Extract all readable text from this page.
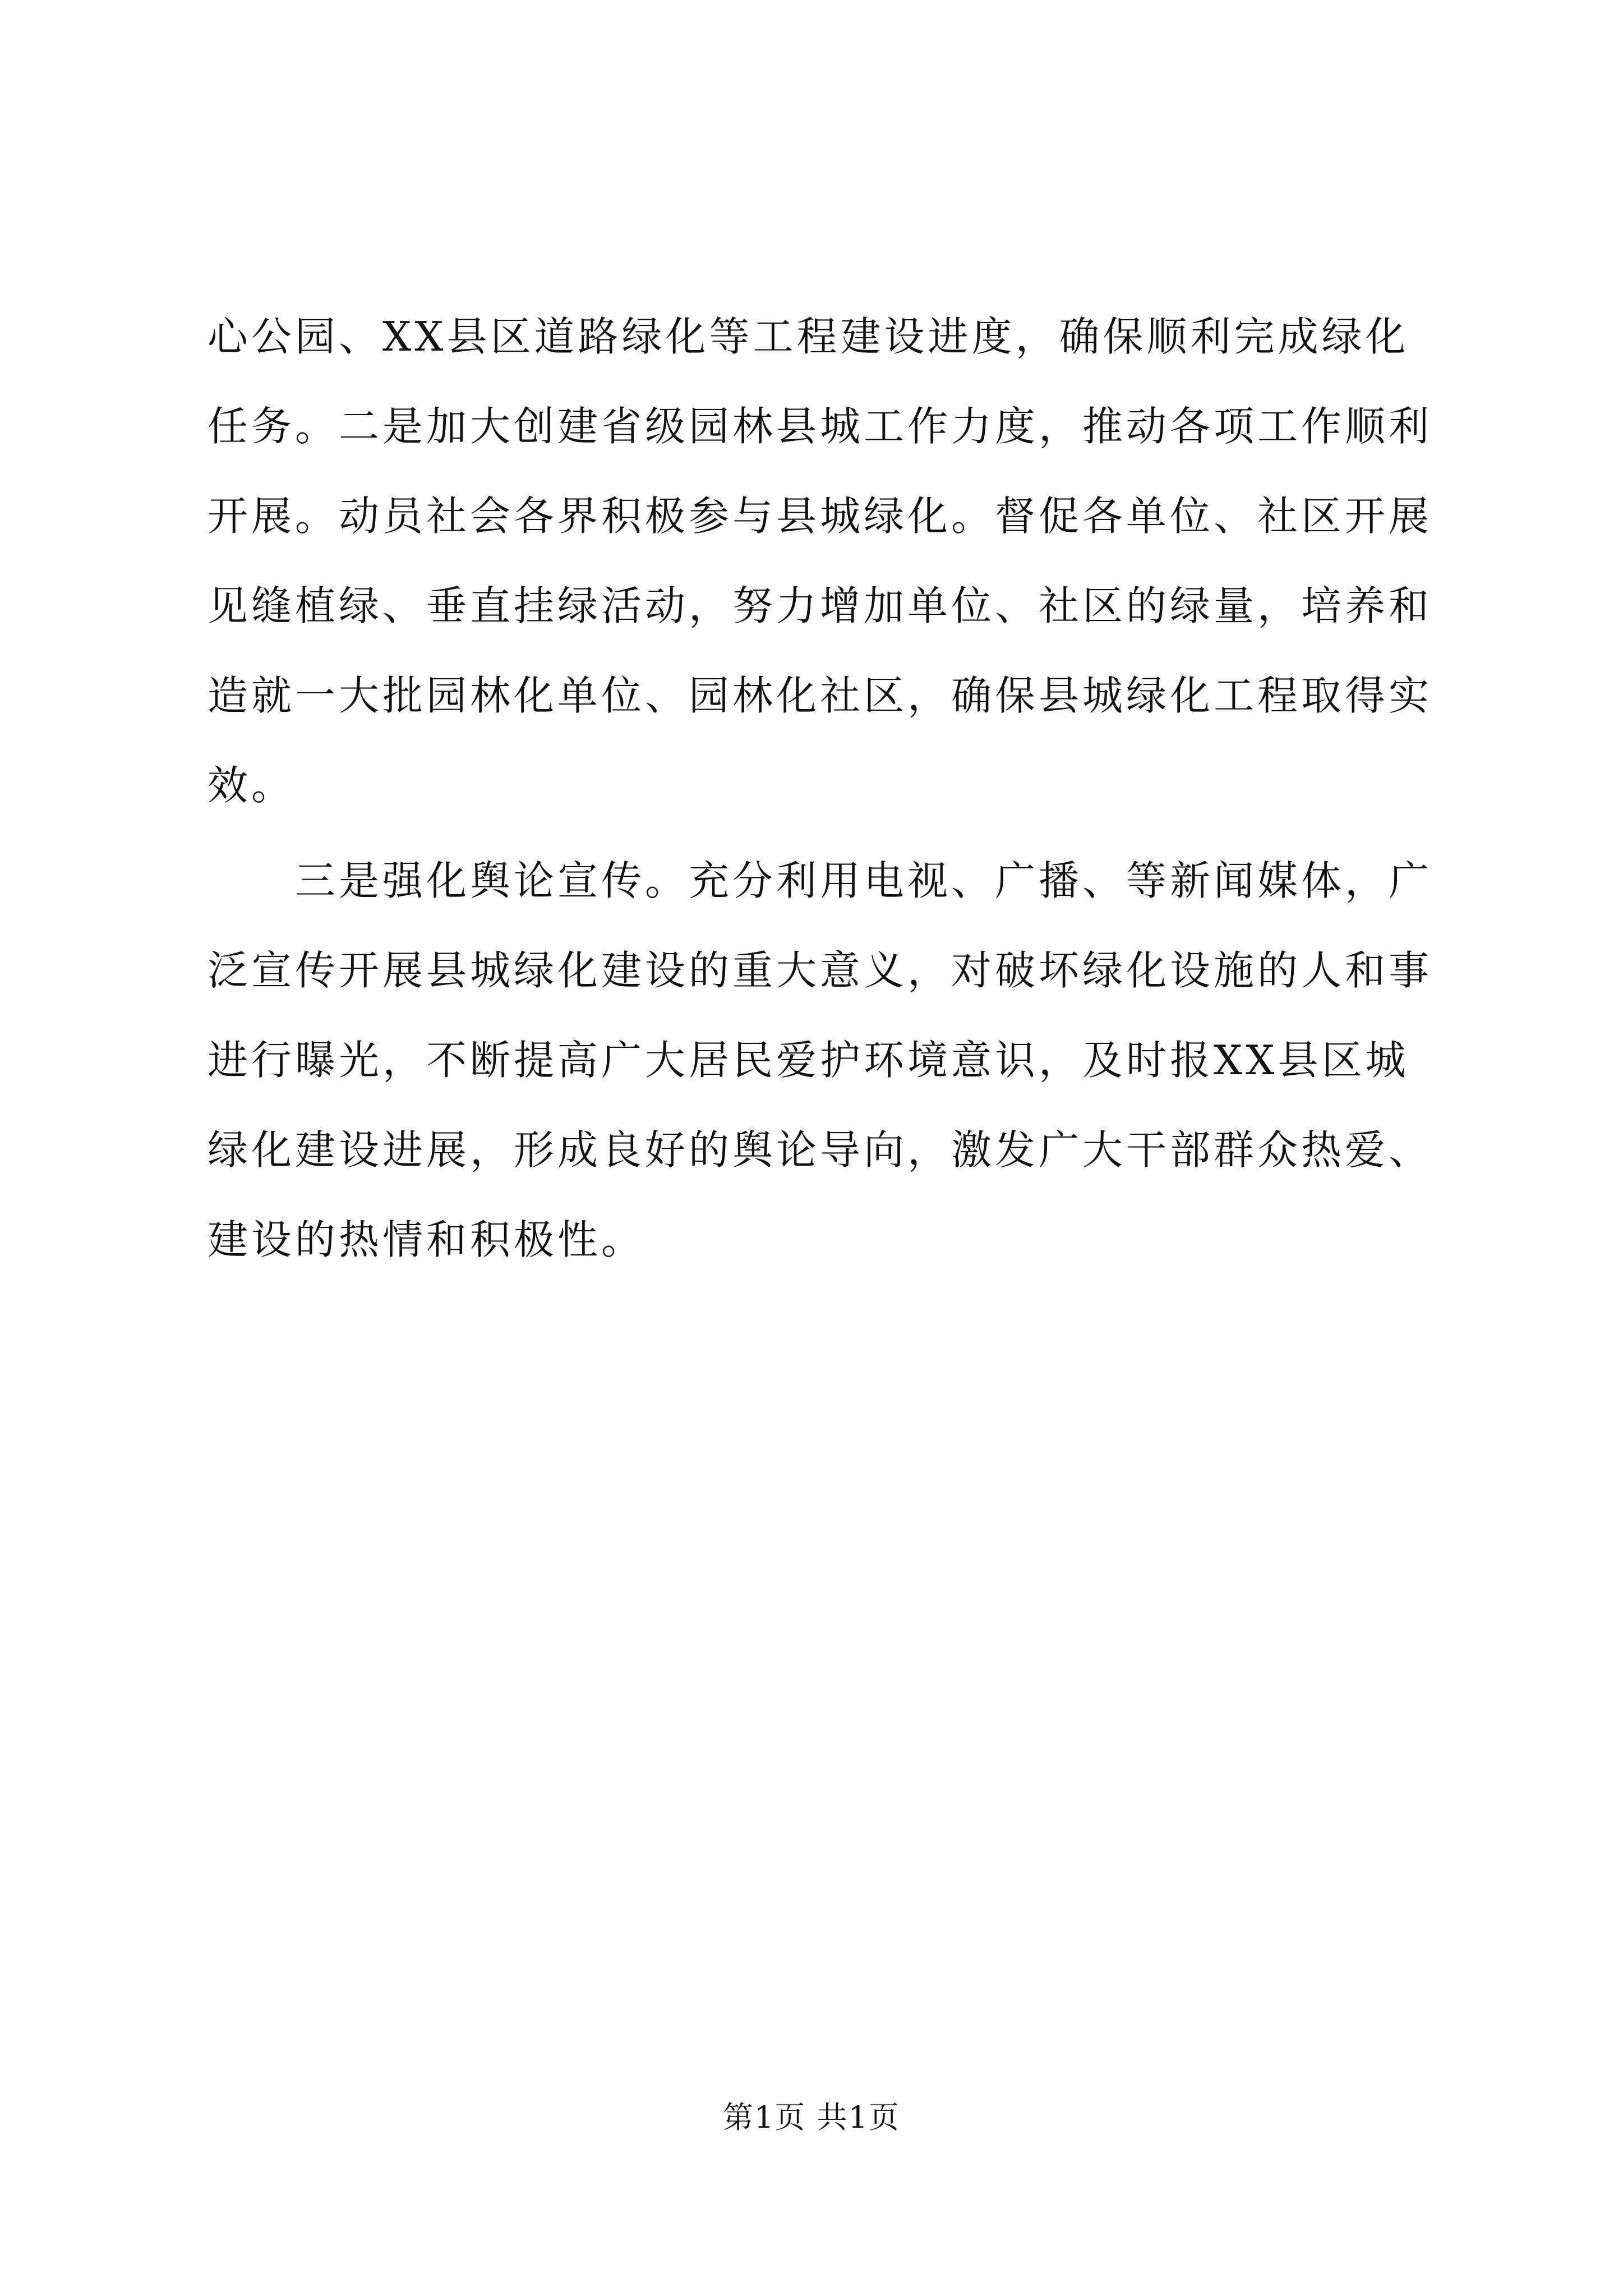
心公园、XX县区道路绿化等工程建设进度，确保顺利完成绿化
任务。二是加大创建省级园林县城工作力度，推动各项工作顺利
开展。动员社会各界积极参与县城绿化。督促各单位、社区开展
见缝植绿、垂直挂绿活动，努力增加单位、社区的绿量，培养和
造就一大批园林化单位、园林化社区，确保县城绿化工程取得实
效。
三是强化舆论宣传。充分利用电视、广播、等新闻媒体，广
泛宣传开展县城绿化建设的重大意义，对破坏绿化设施的人和事
进行曝光，不断提高广大居民爱护环境意识，及时报XX县区城
绿化建设进展，形成良好的舆论导向，激发广大干部群众热爱、
建设的热情和积极性。
第1页 共1页
